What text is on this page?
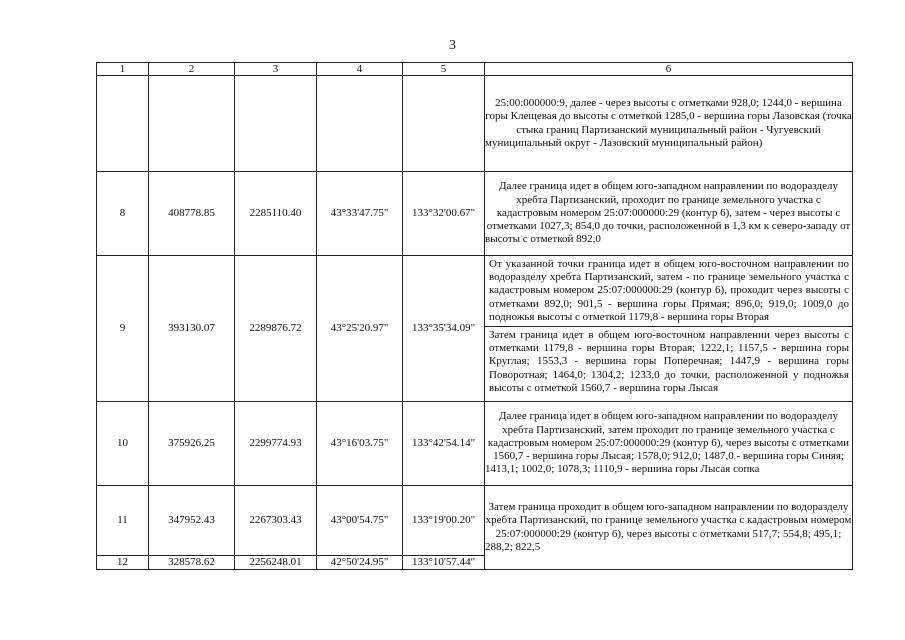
3
1	2	3	4	5	6
					25:00:000000:9, далее - через высоты с отметками 928,0; 1244,0 - вершина горы Клещевая до высоты с отметкой 1285,0 - вершина горы Лазовская (точка стыка границ Партизанский муниципальный район - Чугуевский муниципальный округ - Лазовский муниципальный район)
8	408778.85	2285110.40	43°33'47.75"	133°32'00.67"	Далее граница идет в общем юго-западном направлении по водоразделу хребта Партизанский, проходит по границе земельного участка с кадастровым номером 25:07:000000:29 (контур 6), затем - через высоты с отметками 1027,3; 854,0 до точки, расположенной в 1,3 км к северо-западу от высоты с отметкой 892,0
9	393130.07	2289876.72	43°25'20.97"	133°35'34.09"	От указанной точки граница идет в общем юго-восточном направлении по водоразделу хребта Партизанский, затем - по границе земельного участка с кадастровым номером 25:07:000000:29 (контур 6), проходит через высоты с отметками 892,0; 901,5 - вершина горы Прямая; 896,0; 919,0; 1009,0 до подножья высоты с отметкой 1179,8 - вершина горы Вторая
Затем граница идет в общем юго-восточном направлении через высоты с отметками 1179,8 - вершина горы Вторая; 1222,1; 1157,5 - вершина горы Круглая; 1553,3 - вершина горы Поперечная; 1447,9 - вершина горы Поворотная; 1464,0; 1304,2; 1233,0 до точки, расположенной у подножья высоты с отметкой 1560,7 - вершина горы Лысая

10	375926.25	2299774.93	43°16'03.75"	133°42'54.14"	Далее граница идет в общем юго-западном направлении по водоразделу хребта Партизанский, затем проходит по границе земельного участка с кадастровым номером 25:07:000000:29 (контур 6), через высоты с отметками 1560,7 - вершина горы Лысая; 1578,0; 912,0; 1487,0 - вершина горы Синяя; 1413,1; 1002,0; 1078,3; 1110,9 - вершина горы Лысая сопка
11	347952.43	2267303.43	43°00'54.75"	133°19'00.20"	Затем граница проходит в общем юго-западном направлении по водоразделу хребта Партизанский, по границе земельного участка с кадастровым номером 25:07:000000:29 (контур 6), через высоты с отметками 517,7; 554,8; 495,1; 288,2; 822,5
12	328578.62	2256248.01	42°50'24.95"	133°10'57.44"	
